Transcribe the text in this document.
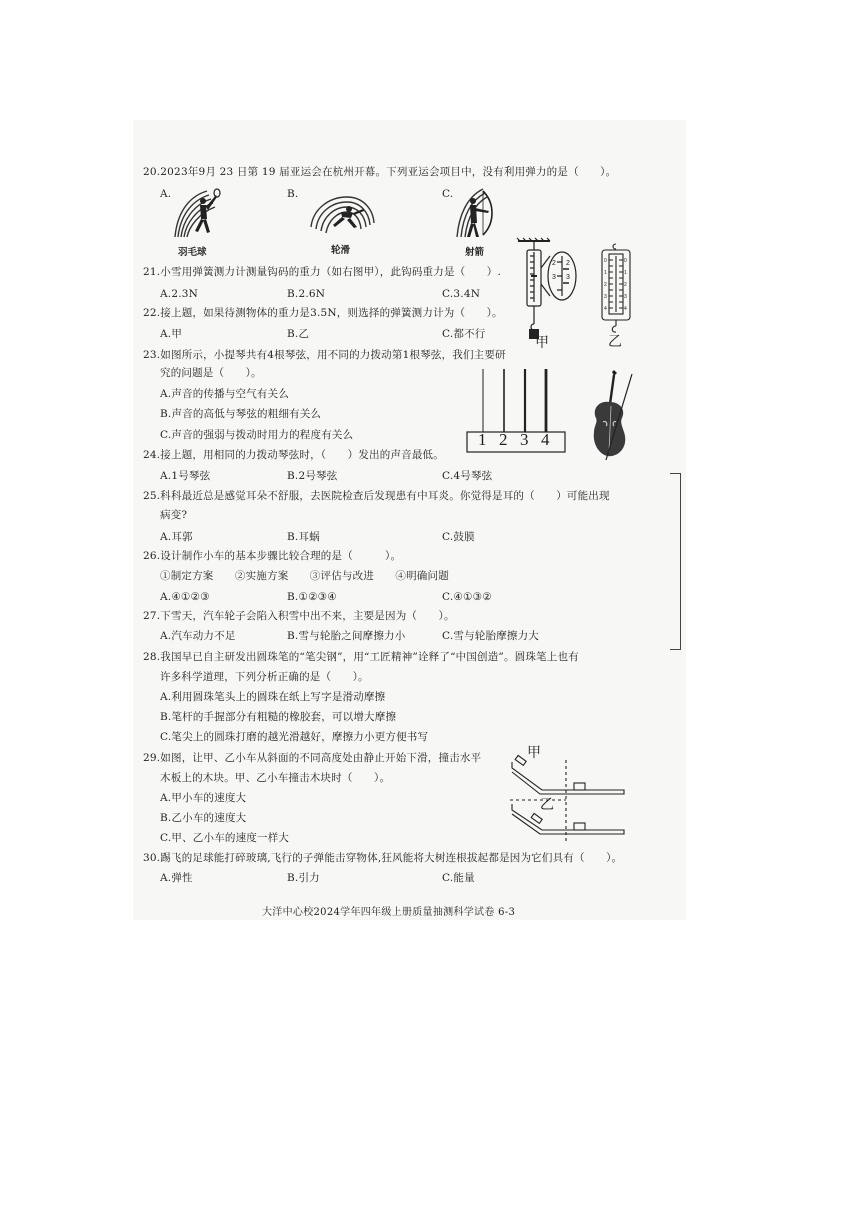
20.2023年9月 23 日第 19 届亚运会在杭州开幕。下列亚运会项目中，没有利用弹力的是（　　）。
A.	B.	C.
羽毛球	轮滑	射箭
21.小雪用弹簧测力计测量钩码的重力（如右图甲），此钩码重力是（　　）.
A.2.3N	B.2.6N	C.3.4N
2 2
3 3
甲
0
1
2
3
4
0
1
2
3
4
乙
22.接上题，如果待测物体的重力是3.5N，则选择的弹簧测力计为（　　）。
A.甲	B.乙	C.都不行
23.如图所示，小提琴共有4根琴弦，用不同的力拨动第1根琴弦，我们主要研
究的问题是（　　）。
A.声音的传播与空气有关么
B.声音的高低与琴弦的粗细有关么
C.声音的强弱与拨动时用力的程度有关么	1 2 3 4
24.接上题，用相同的力拨动琴弦时，（　　）发出的声音最低。
A.1号琴弦	B.2号琴弦	C.4号琴弦
25.科科最近总是感觉耳朵不舒服，去医院检查后发现患有中耳炎。你觉得是耳的（　　）可能出现
病变?
A.耳郭	B.耳蜗	C.鼓膜
26.设计制作小车的基本步骤比较合理的是（　　　）。
①制定方案　　②实施方案　　③评估与改进　　④明确问题
A.④①②③	B.①②③④	C.④①③②
27.下雪天，汽车轮子会陷入积雪中出不来，主要是因为（　　）。
A.汽车动力不足	B.雪与轮胎之间摩擦力小	C.雪与轮胎摩擦力大
28.我国早已自主研发出圆珠笔的“笔尖钢”，用“工匠精神”诠释了“中国创造”。圆珠笔上也有
许多科学道理，下列分析正确的是（　　）。
A.利用圆珠笔头上的圆珠在纸上写字是滑动摩擦
B.笔杆的手握部分有粗糙的橡胶套，可以增大摩擦
C.笔尖上的圆珠打磨的越光滑越好，摩擦力小更方便书写
29.如图，让甲、乙小车从斜面的不同高度处由静止开始下滑，撞击水平
木板上的木块。甲、乙小车撞击木块时（　　）。
A.甲小车的速度大
B.乙小车的速度大
C.甲、乙小车的速度一样大
甲
乙
30.踢飞的足球能打碎玻璃,飞行的子弹能击穿物体,狂风能将大树连根拔起都是因为它们具有（　　）。
A.弹性	B.引力	C.能量
大洋中心校2024学年四年级上册质量抽测科学试卷 6-3
